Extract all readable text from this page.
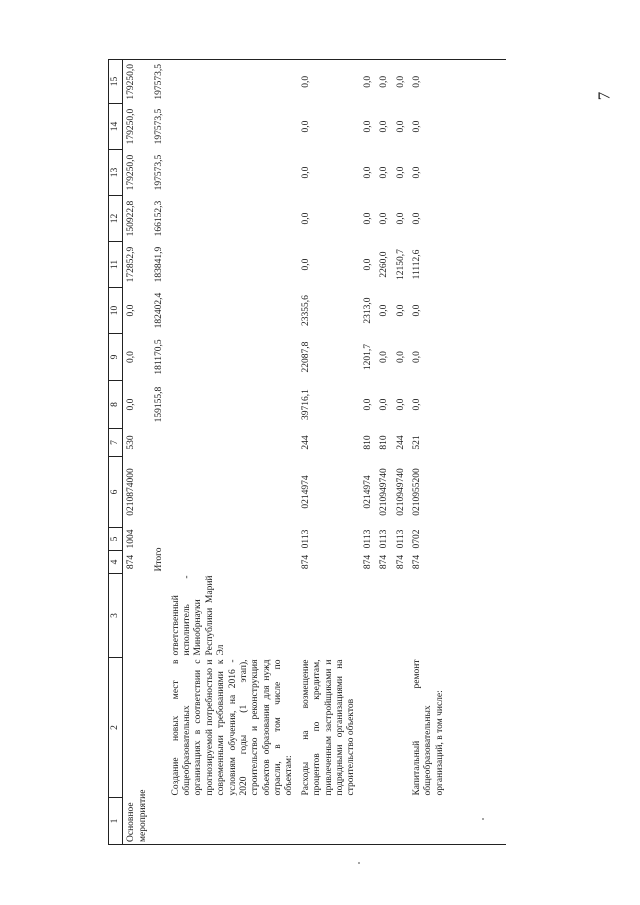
7
1	2	3	4	5	6	7	8	9	10	11	12	13	14	15
Основное мероприятие			874	1004	0210874000	530	0,0	0,0	0,0	172852,9	150922,8	179250,0	179250,0	179250,0
			Итого				159155,8	181170,5	182402,4	183841,9	166152,3	197573,5	197573,5	197573,5
	Создание новых мест в общеобразовательных организациях в соответствии с прогнозируемой потребностью и современными требованиями к условиям обучения, на 2016 - 2020 годы (1 этап), строительство и реконструкция объектов образования для нужд отрасли, в том числе по объектам:	ответственный исполнитель - Минобрнауки Республики Марий Эл												
	Расходы на возмещение процентов по кредитам, привлеченным застройщиками и подрядными организациями на строительство объектов		874	0113	0214974	244	39716,1	22087,8	23355,6	0,0	0,0	0,0	0,0	0,0
			874	0113	0214974	810	0,0	1201,7	2313,0	0,0	0,0	0,0	0,0	0,0
			874	0113	0210949740	810	0,0	0,0	0,0	2260,0	0,0	0,0	0,0	0,0
			874	0113	0210949740	244	0,0	0,0	0,0	12150,7	0,0	0,0	0,0	0,0
	Капитальный ремонт общеобразовательных организаций, в том числе:		874	0702	0210955200	521	0,0	0,0	0,0	11112,6	0,0	0,0	0,0	0,0
